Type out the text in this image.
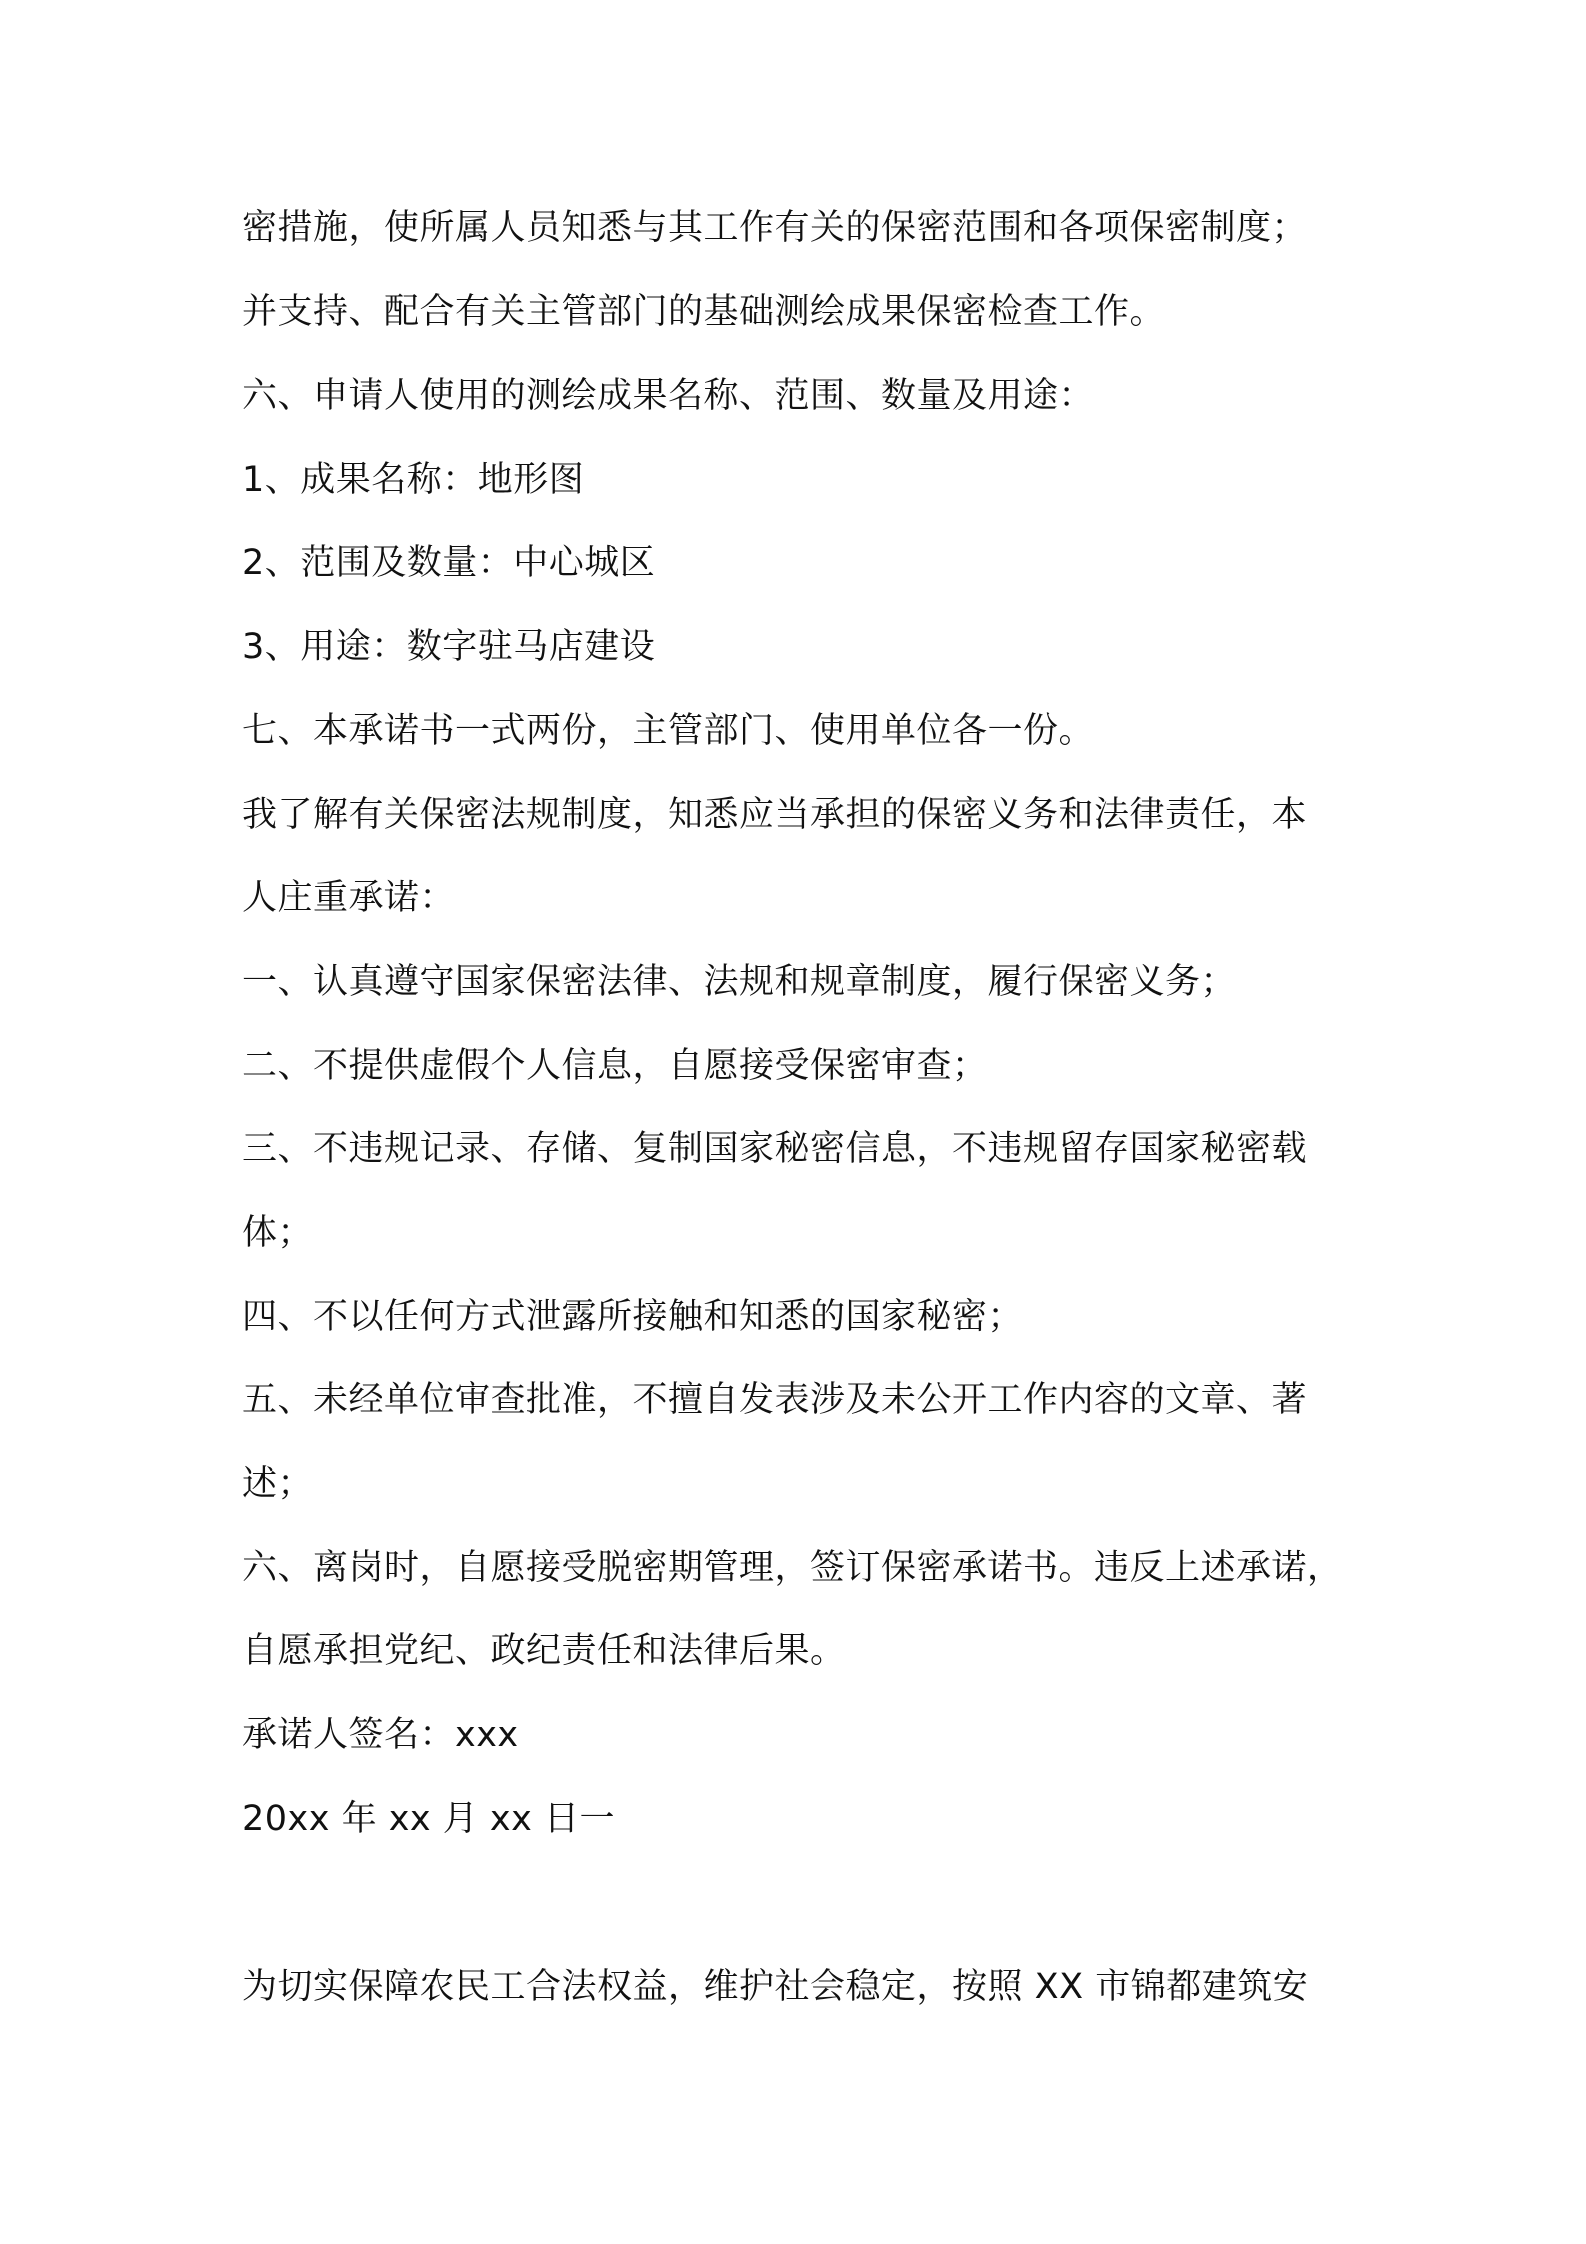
密措施，使所属人员知悉与其工作有关的保密范围和各项保密制度；
并支持、配合有关主管部门的基础测绘成果保密检查工作。
六、申请人使用的测绘成果名称、范围、数量及用途：
1、成果名称：地形图
2、范围及数量：中心城区
3、用途：数字驻马店建设
七、本承诺书一式两份，主管部门、使用单位各一份。
我了解有关保密法规制度，知悉应当承担的保密义务和法律责任，本
人庄重承诺：
一、认真遵守国家保密法律、法规和规章制度，履行保密义务；
二、不提供虚假个人信息，自愿接受保密审查；
三、不违规记录、存储、复制国家秘密信息，不违规留存国家秘密载
体；
四、不以任何方式泄露所接触和知悉的国家秘密；
五、未经单位审查批准，不擅自发表涉及未公开工作内容的文章、著
述；
六、离岗时，自愿接受脱密期管理，签订保密承诺书。违反上述承诺，
自愿承担党纪、政纪责任和法律后果。
承诺人签名：xxx
20xx 年 xx 月 xx 日一
为切实保障农民工合法权益，维护社会稳定，按照 XX 市锦都建筑安
